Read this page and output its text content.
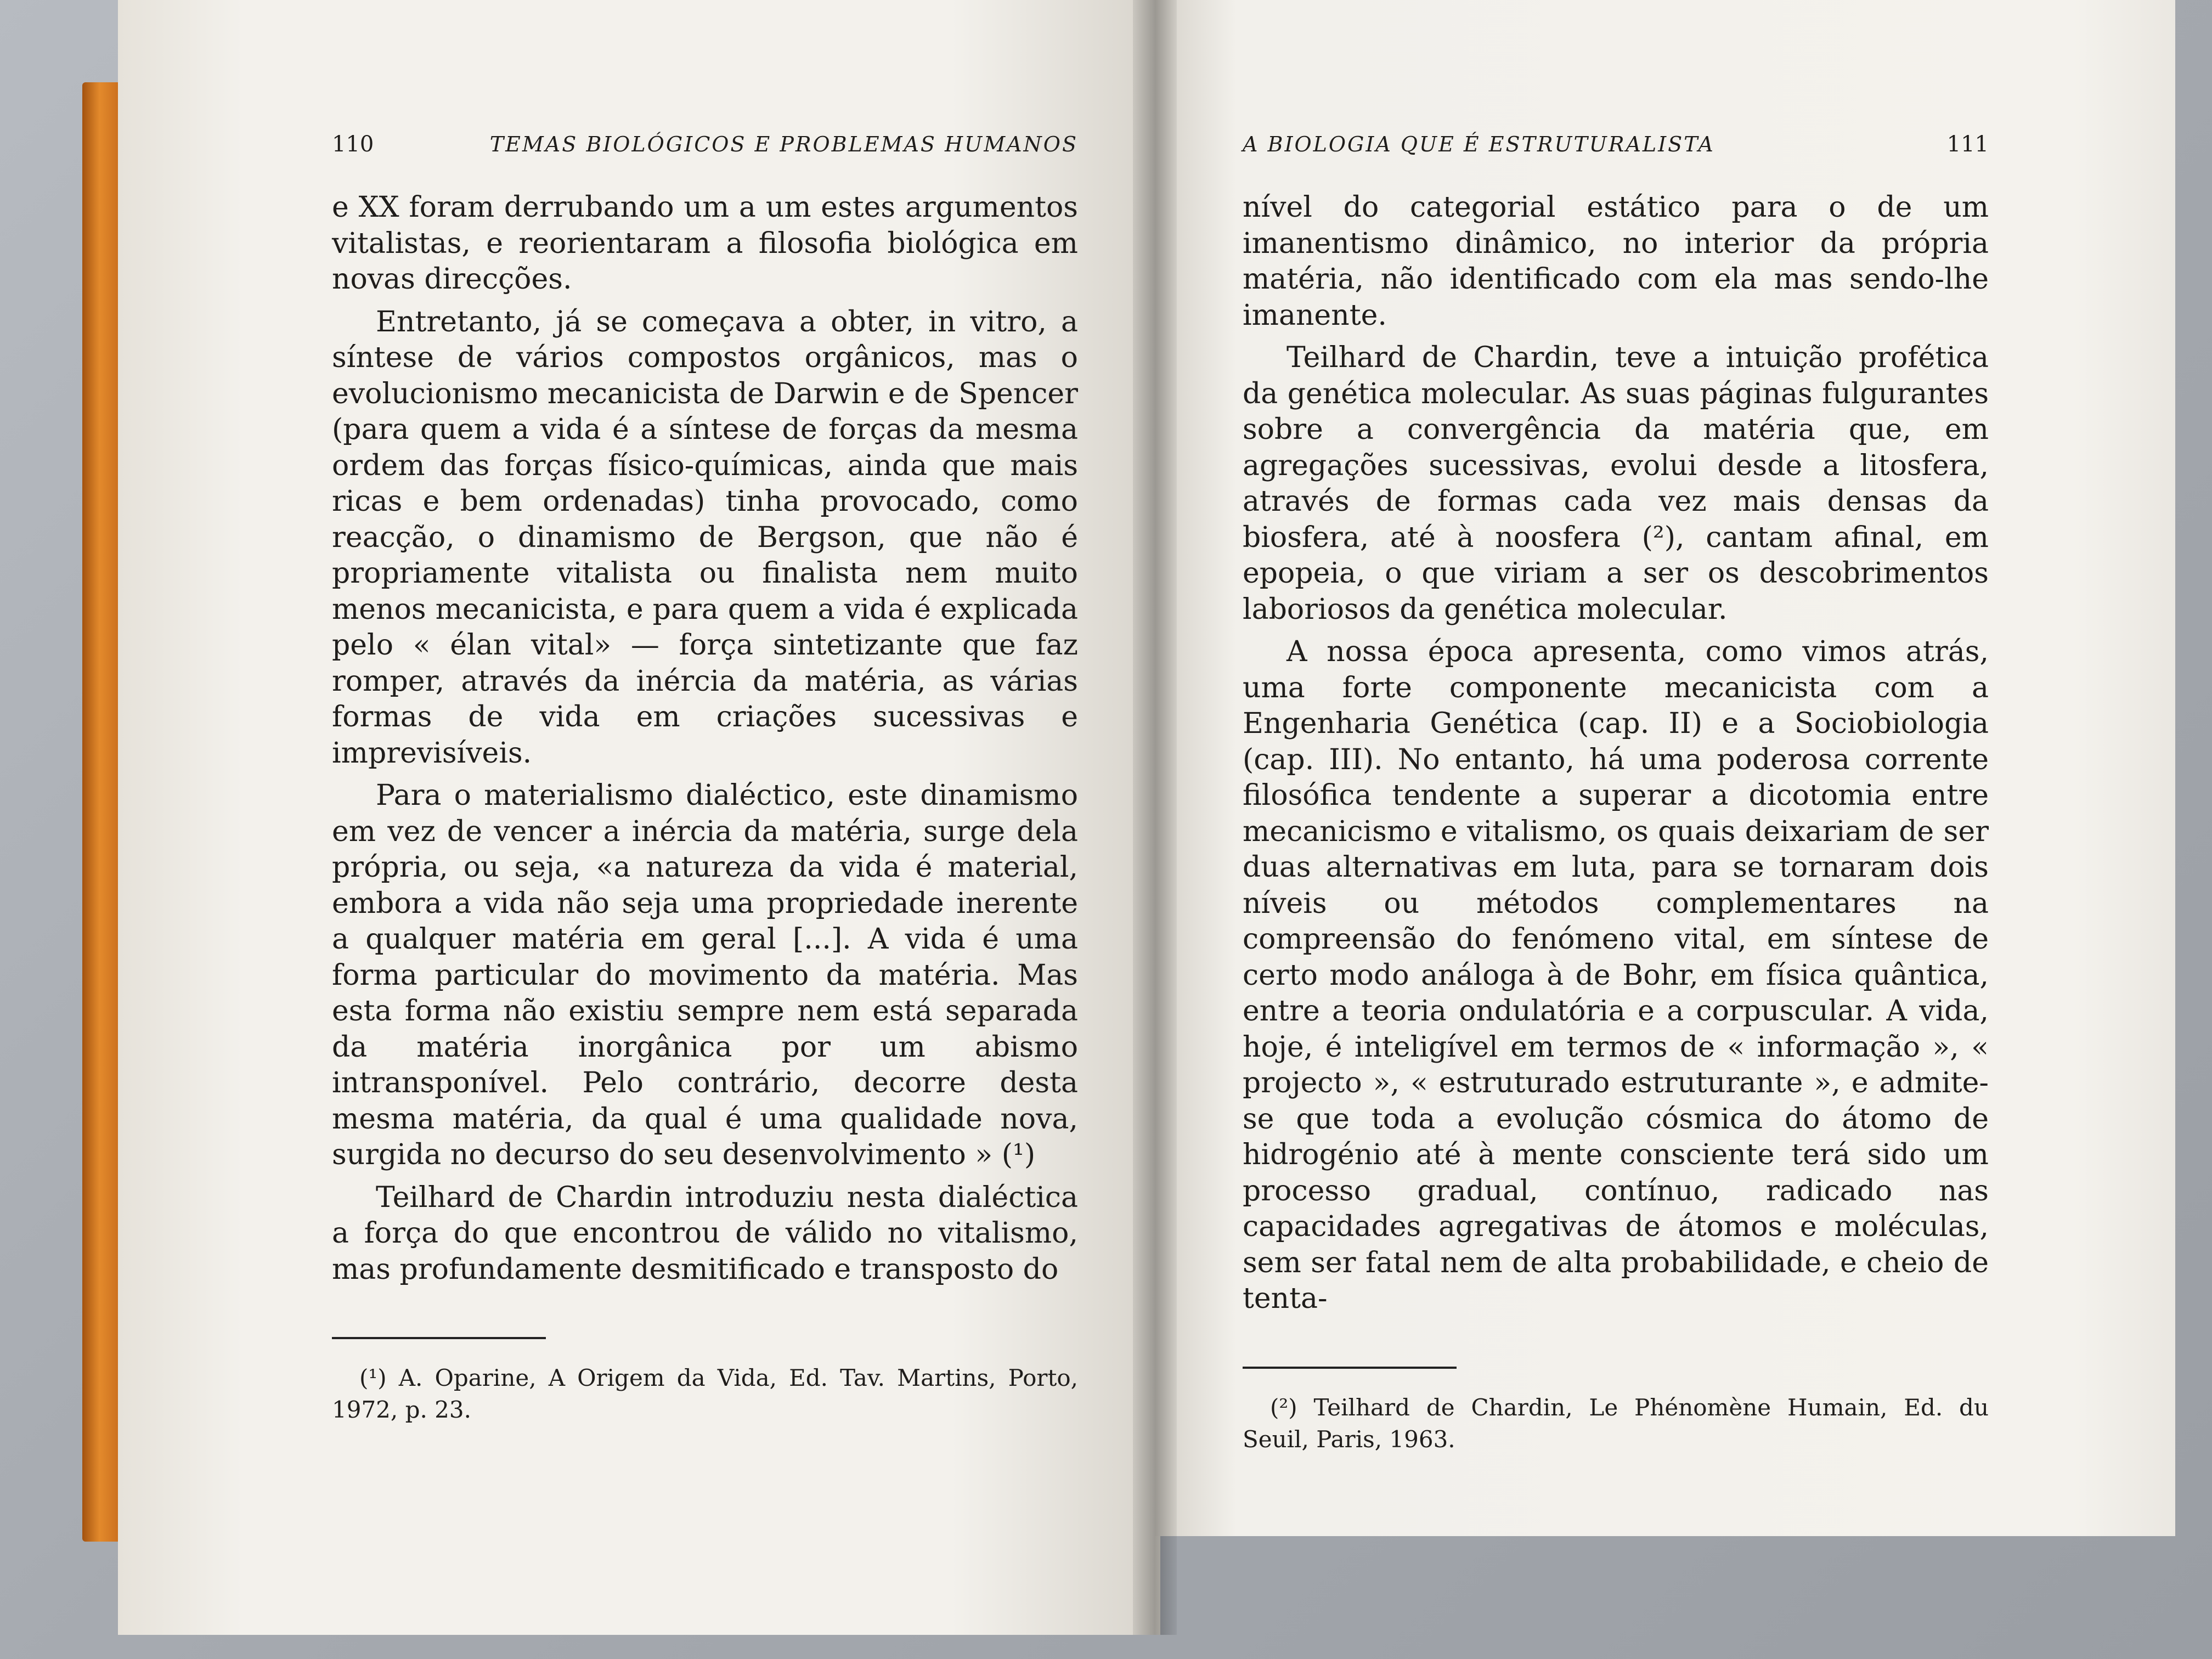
110	TEMAS BIOLÓGICOS E PROBLEMAS HUMANOS

e XX foram derrubando um a um estes argumentos vitalistas, e reorientaram a filosofia biológica em novas direcções.

Entretanto, já se começava a obter, in vitro, a síntese de vários compostos orgânicos, mas o evolucionismo mecanicista de Darwin e de Spencer (para quem a vida é a síntese de forças da mesma ordem das forças físico-químicas, ainda que mais ricas e bem ordenadas) tinha provocado, como reacção, o dinamismo de Bergson, que não é propriamente vitalista ou finalista nem muito menos mecanicista, e para quem a vida é explicada pelo « élan vital» — força sintetizante que faz romper, através da inércia da matéria, as várias formas de vida em criações sucessivas e imprevisíveis.

Para o materialismo dialéctico, este dinamismo em vez de vencer a inércia da matéria, surge dela própria, ou seja, «a natureza da vida é material, embora a vida não seja uma propriedade inerente a qualquer matéria em geral [...]. A vida é uma forma particular do movimento da matéria. Mas esta forma não existiu sempre nem está separada da matéria inorgânica por um abismo intransponível. Pelo contrário, decorre desta mesma matéria, da qual é uma qualidade nova, surgida no decurso do seu desenvolvimento » (¹)

Teilhard de Chardin introduziu nesta dialéctica a força do que encontrou de válido no vitalismo, mas profundamente desmitificado e transposto do

(¹) A. Oparine, A Origem da Vida, Ed. Tav. Martins, Porto, 1972, p. 23.

A BIOLOGIA QUE É ESTRUTURALISTA	111

nível do categorial estático para o de um imanentismo dinâmico, no interior da própria matéria, não identificado com ela mas sendo-lhe imanente.

Teilhard de Chardin, teve a intuição profética da genética molecular. As suas páginas fulgurantes sobre a convergência da matéria que, em agregações sucessivas, evolui desde a litosfera, através de formas cada vez mais densas da biosfera, até à noosfera (²), cantam afinal, em epopeia, o que viriam a ser os descobrimentos laboriosos da genética molecular.

A nossa época apresenta, como vimos atrás, uma forte componente mecanicista com a Engenharia Genética (cap. II) e a Sociobiologia (cap. III). No entanto, há uma poderosa corrente filosófica tendente a superar a dicotomia entre mecanicismo e vitalismo, os quais deixariam de ser duas alternativas em luta, para se tornaram dois níveis ou métodos complementares na compreensão do fenómeno vital, em síntese de certo modo análoga à de Bohr, em física quântica, entre a teoria ondulatória e a corpuscular. A vida, hoje, é inteligível em termos de « informação », « projecto », « estruturado estruturante », e admite-se que toda a evolução cósmica do átomo de hidrogénio até à mente consciente terá sido um processo gradual, contínuo, radicado nas capacidades agregativas de átomos e moléculas, sem ser fatal nem de alta probabilidade, e cheio de tenta-

(²) Teilhard de Chardin, Le Phénomène Humain, Ed. du Seuil, Paris, 1963.
